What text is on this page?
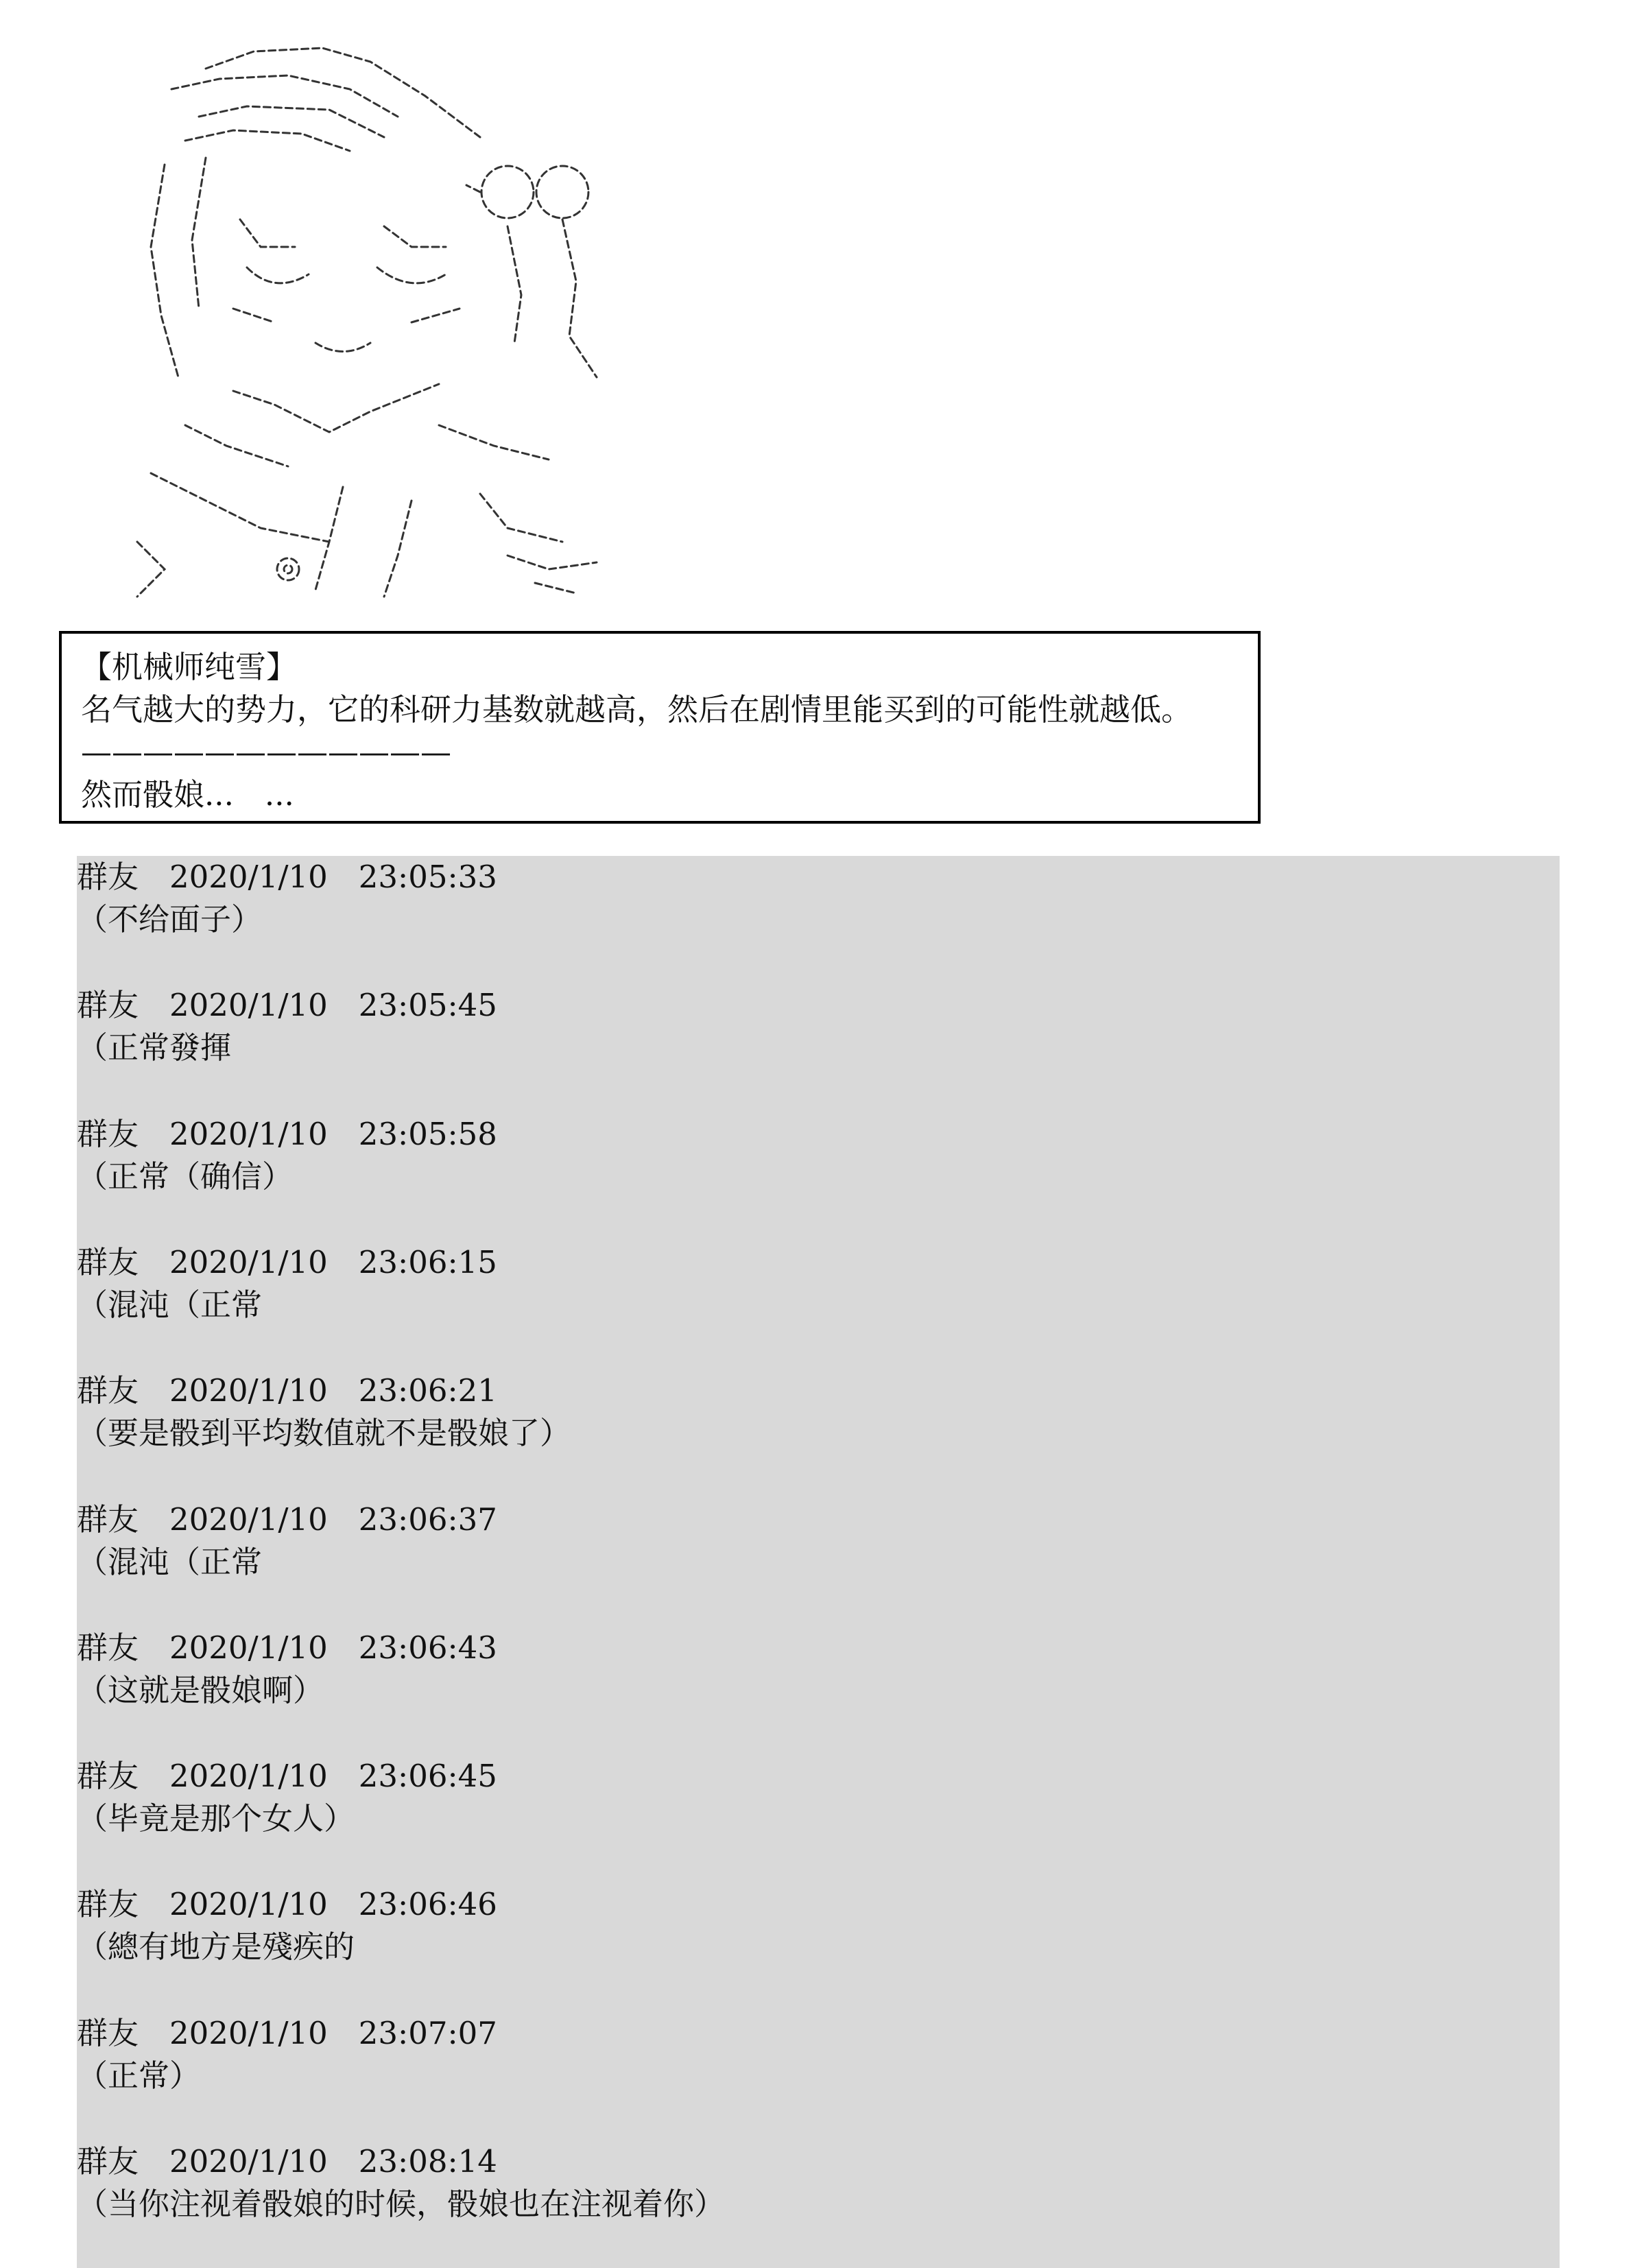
【机械师纯雪】
名气越大的势力，它的科研力基数就越高，然后在剧情里能买到的可能性就越低。
————————————
然而骰娘...　...
群友　 2020/1/10　 23:05:33
（不给面子）
群友　 2020/1/10　 23:05:45
（正常發揮
群友　 2020/1/10　 23:05:58
（正常（确信）
群友　 2020/1/10　 23:06:15
（混沌（正常
群友　 2020/1/10　 23:06:21
（要是骰到平均数值就不是骰娘了）
群友　 2020/1/10　 23:06:37
（混沌（正常
群友　 2020/1/10　 23:06:43
（这就是骰娘啊）
群友　 2020/1/10　 23:06:45
（毕竟是那个女人）
群友　 2020/1/10　 23:06:46
（總有地方是殘疾的
群友　 2020/1/10　 23:07:07
（正常）
群友　 2020/1/10　 23:08:14
（当你注视着骰娘的时候，骰娘也在注视着你）
